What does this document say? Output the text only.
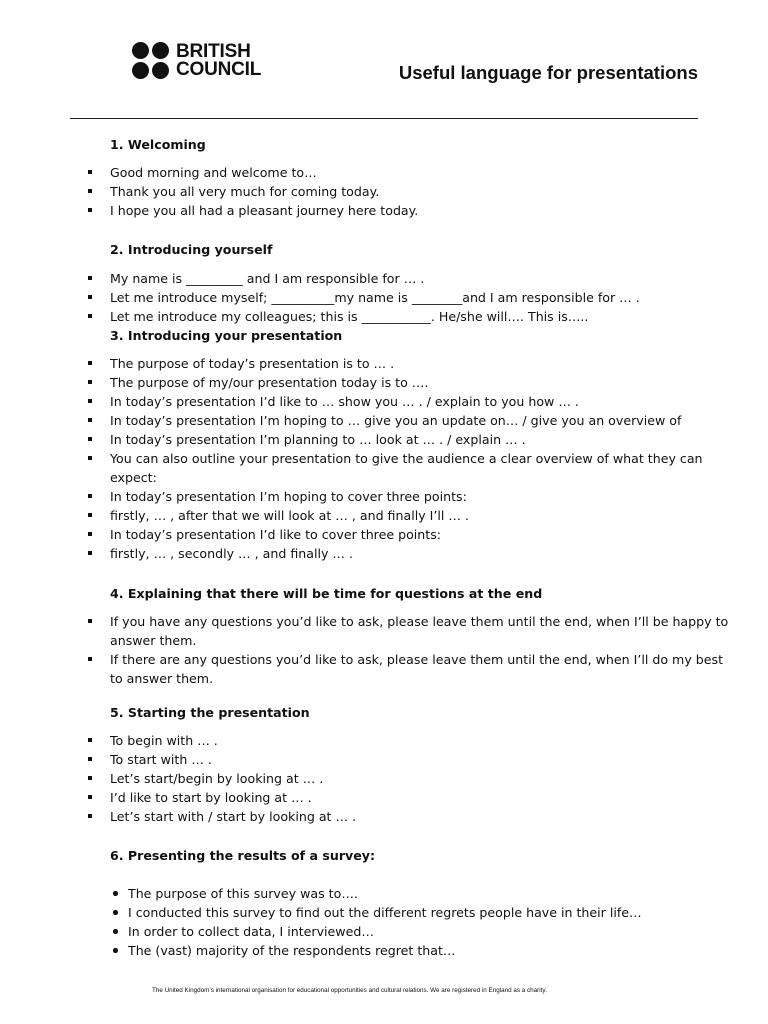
BRITISH
COUNCIL	Useful language for presentations
1. Welcoming
Good morning and welcome to…
Thank you all very much for coming today.
I hope you all had a pleasant journey here today.
2. Introducing yourself
My name is _________ and I am responsible for … .
Let me introduce myself; __________my name is ________and I am responsible for … .
Let me introduce my colleagues; this is ___________. He/she will…. This is…..
3. Introducing your presentation
The purpose of today’s presentation is to … .
The purpose of my/our presentation today is to ….
In today’s presentation I’d like to … show you … . / explain to you how … .
In today’s presentation I’m hoping to … give you an update on… / give you an overview of
In today’s presentation I’m planning to … look at … . / explain … .
You can also outline your presentation to give the audience a clear overview of what they can expect:
In today’s presentation I’m hoping to cover three points:
firstly, … , after that we will look at … , and finally I’ll … .
In today’s presentation I’d like to cover three points:
firstly, … , secondly … , and finally … .
4. Explaining that there will be time for questions at the end
If you have any questions you’d like to ask, please leave them until the end, when I’ll be happy to answer them.
If there are any questions you’d like to ask, please leave them until the end, when I’ll do my best to answer them.
5. Starting the presentation
To begin with … .
To start with … .
Let’s start/begin by looking at … .
I’d like to start by looking at … .
Let’s start with / start by looking at … .
6. Presenting the results of a survey:
The purpose of this survey was to….
I conducted this survey to find out the different regrets people have in their life…
In order to collect data, I interviewed…
The (vast) majority of the respondents regret that…
The United Kingdom’s international organisation for educational opportunities and cultural relations. We are registered in England as a charity.
